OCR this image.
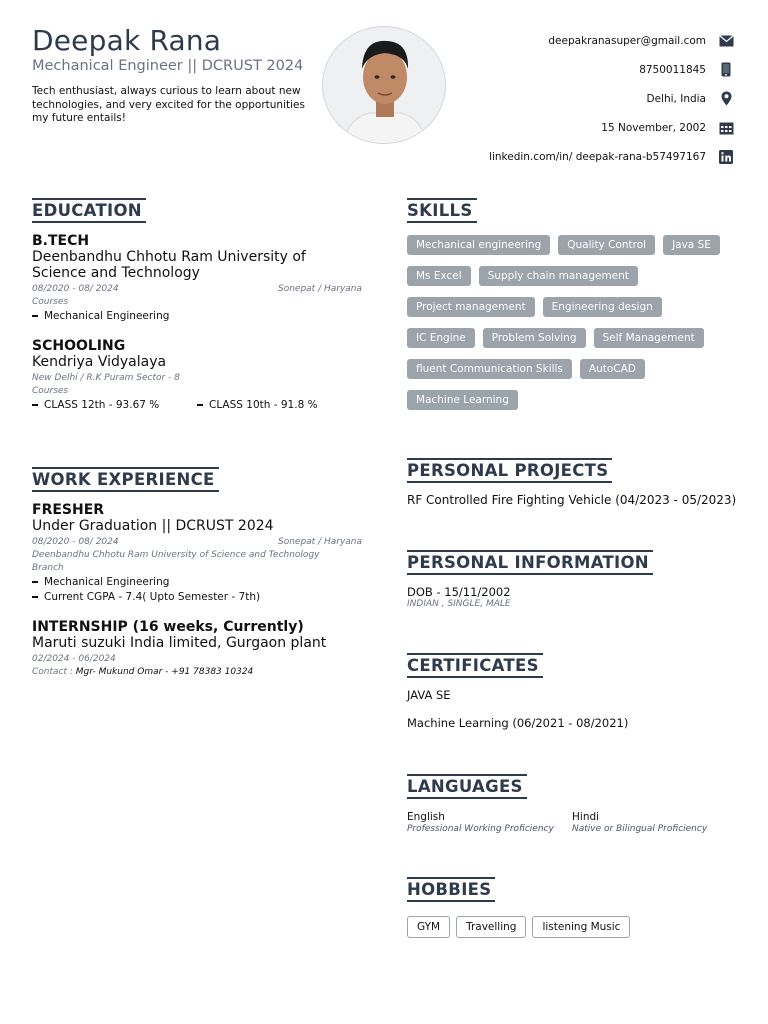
Deepak Rana
Mechanical Engineer || DCRUST 2024
Tech enthusiast, always curious to learn about new technologies, and very excited for the opportunities my future entails!
deepakranasuper@gmail.com
8750011845
Delhi, India
15 November, 2002
linkedin.com/in/ deepak-rana-b57497167
EDUCATION
B.TECH
Deenbandhu Chhotu Ram University of Science and Technology
08/2020 - 08/ 2024	Sonepat / Haryana
Courses
Mechanical Engineering
SCHOOLING
Kendriya Vidyalaya
New Delhi / R.K Puram Sector - 8
Courses
CLASS 12th - 93.67 %	CLASS 10th - 91.8 %
WORK EXPERIENCE
FRESHER
Under Graduation || DCRUST 2024
08/2020 - 08/ 2024	Sonepat / Haryana
Deenbandhu Chhotu Ram University of Science and Technology
Branch
Mechanical Engineering
Current CGPA - 7.4( Upto Semester - 7th)
INTERNSHIP (16 weeks, Currently)
Maruti suzuki India limited, Gurgaon plant
02/2024 - 06/2024
Contact : Mgr- Mukund Omar - +91 78383 10324
SKILLS
Mechanical engineering	Quality Control	Java SE
Ms Excel	Supply chain management
Project management	Engineering design
IC Engine	Problem Solving	Self Management
fluent Communication Skills	AutoCAD
Machine Learning
PERSONAL PROJECTS
RF Controlled Fire Fighting Vehicle (04/2023 - 05/2023)
PERSONAL INFORMATION
DOB - 15/11/2002
INDIAN , SINGLE, MALE
CERTIFICATES
JAVA SE
Machine Learning (06/2021 - 08/2021)
LANGUAGES
English
Professional Working Proficiency
Hindi
Native or Bilingual Proficiency
HOBBIES
GYM	Travelling	listening Music
